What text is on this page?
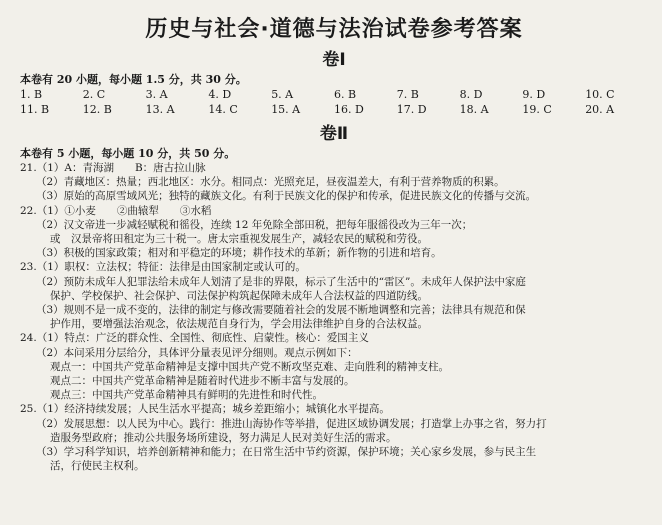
历史与社会·道德与法治试卷参考答案
卷Ⅰ
本卷有 20 小题，每小题 1.5 分，共 30 分。
1. B	2. C	3. A	4. D	5. A	6. B	7. B	8. D	9. D	10. C
11. B	12. B	13. A	14. C	15. A	16. D	17. D	18. A	19. C	20. A
卷Ⅱ
本卷有 5 小题，每小题 10 分，共 50 分。
21.（1）A：青海湖　　B：唐古拉山脉
（2）青藏地区：热量；西北地区：水分。相同点：光照充足，昼夜温差大，有利于营养物质的积累。
（3）原始的高原雪域风光；独特的藏族文化。有利于民族文化的保护和传承，促进民族文化的传播与交流。
22.（1）①小麦　　②曲辕犁　　③水稻
（2）汉文帝进一步减轻赋税和徭役，连续 12 年免除全部田税，把每年服徭役改为三年一次；
或　汉景帝将田租定为三十税一。唐太宗重视发展生产，减轻农民的赋税和劳役。
（3）积极的国家政策；相对和平稳定的环境；耕作技术的革新；新作物的引进和培育。
23.（1）职权：立法权；特征：法律是由国家制定或认可的。
（2）预防未成年人犯罪法给未成年人划清了是非的界限，标示了生活中的“雷区”。未成年人保护法中家庭
保护、学校保护、社会保护、司法保护构筑起保障未成年人合法权益的四道防线。
（3）规则不是一成不变的，法律的制定与修改需要随着社会的发展不断地调整和完善；法律具有规范和保
护作用，要增强法治观念，依法规范自身行为，学会用法律维护自身的合法权益。
24.（1）特点：广泛的群众性、全国性、彻底性、启蒙性。核心：爱国主义
（2）本问采用分层给分，具体评分量表见评分细则。观点示例如下：
观点一：中国共产党革命精神是支撑中国共产党不断攻坚克难、走向胜利的精神支柱。
观点二：中国共产党革命精神是随着时代进步不断丰富与发展的。
观点三：中国共产党革命精神具有鲜明的先进性和时代性。
25.（1）经济持续发展；人民生活水平提高；城乡差距缩小；城镇化水平提高。
（2）发展思想：以人民为中心。践行：推进山海协作等举措，促进区域协调发展；打造掌上办事之省，努力打
造服务型政府；推动公共服务场所建设，努力满足人民对美好生活的需求。
（3）学习科学知识，培养创新精神和能力；在日常生活中节约资源，保护环境；关心家乡发展，参与民主生
活，行使民主权利。
